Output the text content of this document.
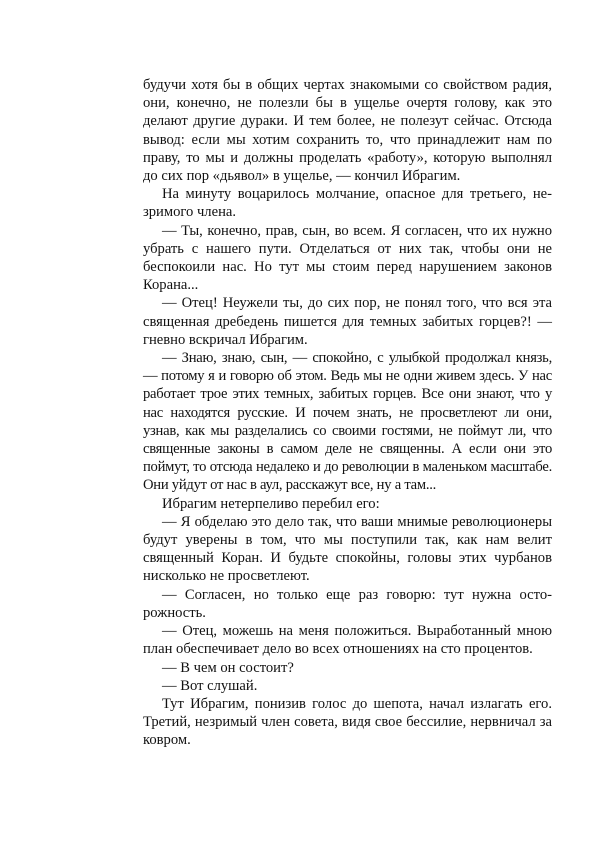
будучи хотя бы в общих чертах знакомыми со свойством радия, они, конечно, не полезли бы в ущелье очертя голову, как это делают другие дураки. И тем более, не полезут сейчас. Отсюда вывод: если мы хотим сохранить то, что принадлежит нам по праву, то мы и должны проделать «работу», которую выполнял до сих пор «дьявол» в ущелье, — кончил Ибрагим.

На минуту воцарилось молчание, опасное для третьего, незримого члена.

— Ты, конечно, прав, сын, во всем. Я согласен, что их нужно убрать с нашего пути. Отделаться от них так, чтобы они не беспокоили нас. Но тут мы стоим перед нарушением законов Корана...

— Отец! Неужели ты, до сих пор, не понял того, что вся эта священная дребедень пишется для темных забитых горцев?! — гневно вскричал Ибрагим.

— Знаю, знаю, сын, — спокойно, с улыбкой продолжал князь, — потому я и говорю об этом. Ведь мы не одни живем здесь. У нас работает трое этих темных, забитых горцев. Все они знают, что у нас находятся русские. И почем знать, не просветлеют ли они, узнав, как мы разделались со своими гостями, не поймут ли, что священные законы в самом деле не священны. А если они это поймут, то отсюда недалеко и до революции в маленьком масштабе. Они уйдут от нас в аул, расскажут все, ну а там...

Ибрагим нетерпеливо перебил его:

— Я обделаю это дело так, что ваши мнимые революционеры будут уверены в том, что мы поступили так, как нам велит священный Коран. И будьте спокойны, головы этих чурбанов нисколько не просветлеют.

— Согласен, но только еще раз говорю: тут нужна осторожность.

— Отец, можешь на меня положиться. Выработанный мною план обеспечивает дело во всех отношениях на сто процентов.

— В чем он состоит?

— Вот слушай.

Тут Ибрагим, понизив голос до шепота, начал излагать его. Третий, незримый член совета, видя свое бессилие, нервничал за ковром.
